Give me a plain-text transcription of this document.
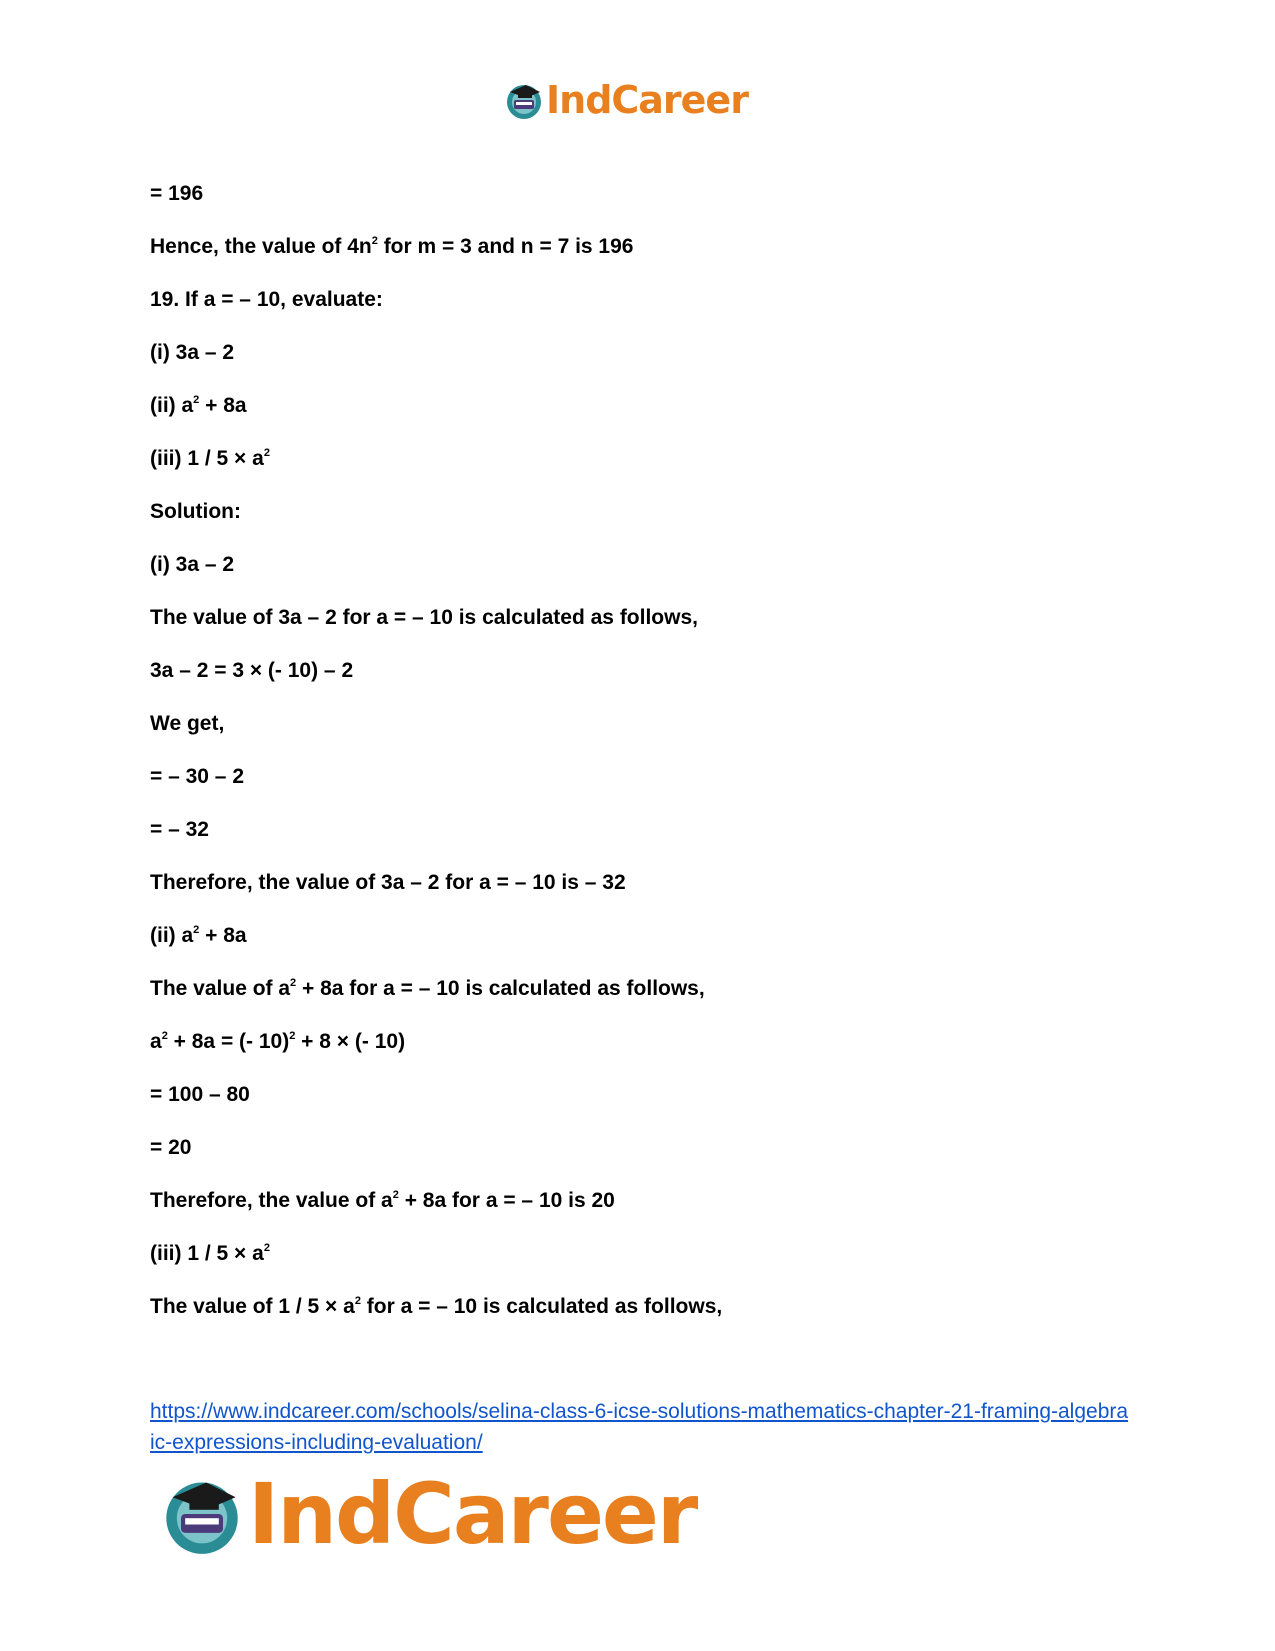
IndCareer
= 196
Hence, the value of $4n^2$ for m = 3 and n = 7 is 196
19. If a = – 10, evaluate:
(i) 3a – 2
(ii) $a^2 + 8a$
(iii) $1 / 5 \times a^2$
Solution:
(i) 3a – 2
The value of 3a – 2 for a = – 10 is calculated as follows,
3a – 2 = 3 × (- 10) – 2
We get,
= – 30 – 2
= – 32
Therefore, the value of 3a – 2 for a = – 10 is – 32
(ii) $a^2 + 8a$
The value of $a^2 + 8a$ for a = – 10 is calculated as follows,
$a^2 + 8a$ = (- 10)$^2$ + 8 × (- 10)
= 100 – 80
= 20
Therefore, the value of $a^2 + 8a$ for a = – 10 is 20
(iii) $1 / 5 \times a^2$
The value of $1 / 5 \times a^2$ for a = – 10 is calculated as follows,
https://www.indcareer.com/schools/selina-class-6-icse-solutions-mathematics-chapter-21-framing-algebraic-expressions-including-evaluation/
IndCareer
